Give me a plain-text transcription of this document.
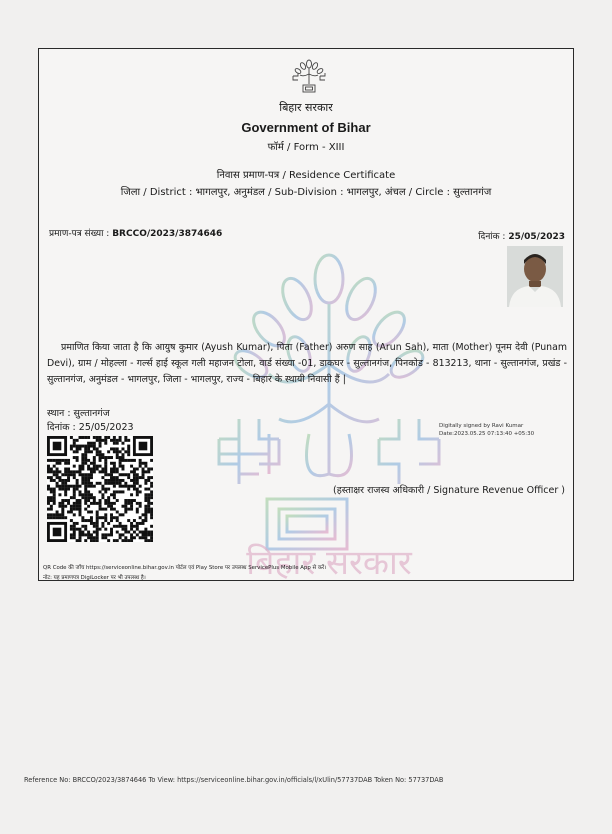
बिहार सरकार
बिहार सरकार
Government of Bihar
फॉर्म / Form - XIII
निवास प्रमाण-पत्र / Residence Certificate
जिला / District : भागलपुर, अनुमंडल / Sub-Division : भागलपुर, अंचल / Circle : सुल्तानगंज
प्रमाण-पत्र संख्या : BRCCO/2023/3874646	दिनांक : 25/05/2023
प्रमाणित किया जाता है कि आयुष कुमार (Ayush Kumar), पिता (Father) अरुण साह (Arun Sah), माता (Mother) पूनम देवी (Punam Devi), ग्राम / मोहल्ला - गर्ल्स हाई स्कूल गली महाजन टोला, वार्ड संख्या -01, डाकघर - सुल्तानगंज, पिनकोड - 813213, थाना - सुल्तानगंज, प्रखंड - सुल्तानगंज, अनुमंडल - भागलपुर, जिला - भागलपुर, राज्य - बिहार के स्थायी निवासी हैं |
स्थान : सुल्तानगंज
दिनांक : 25/05/2023	Digitally signed by Ravi Kumar
Date:2023.05.25 07:13:40 +05:30
(हस्ताक्षर राजस्व अधिकारी / Signature Revenue Officer )
QR Code की जाँच https://serviceonline.bihar.gov.in पोर्टल एवं Play Store पर उपलब्ध ServicePlus Mobile App से करें।
नोट: यह प्रमाणपत्र DigiLocker पर भी उपलब्ध है।
Reference No: BRCCO/2023/3874646 To View: https://serviceonline.bihar.gov.in/officials/l/xUlin/57737DAB Token No: 57737DAB
